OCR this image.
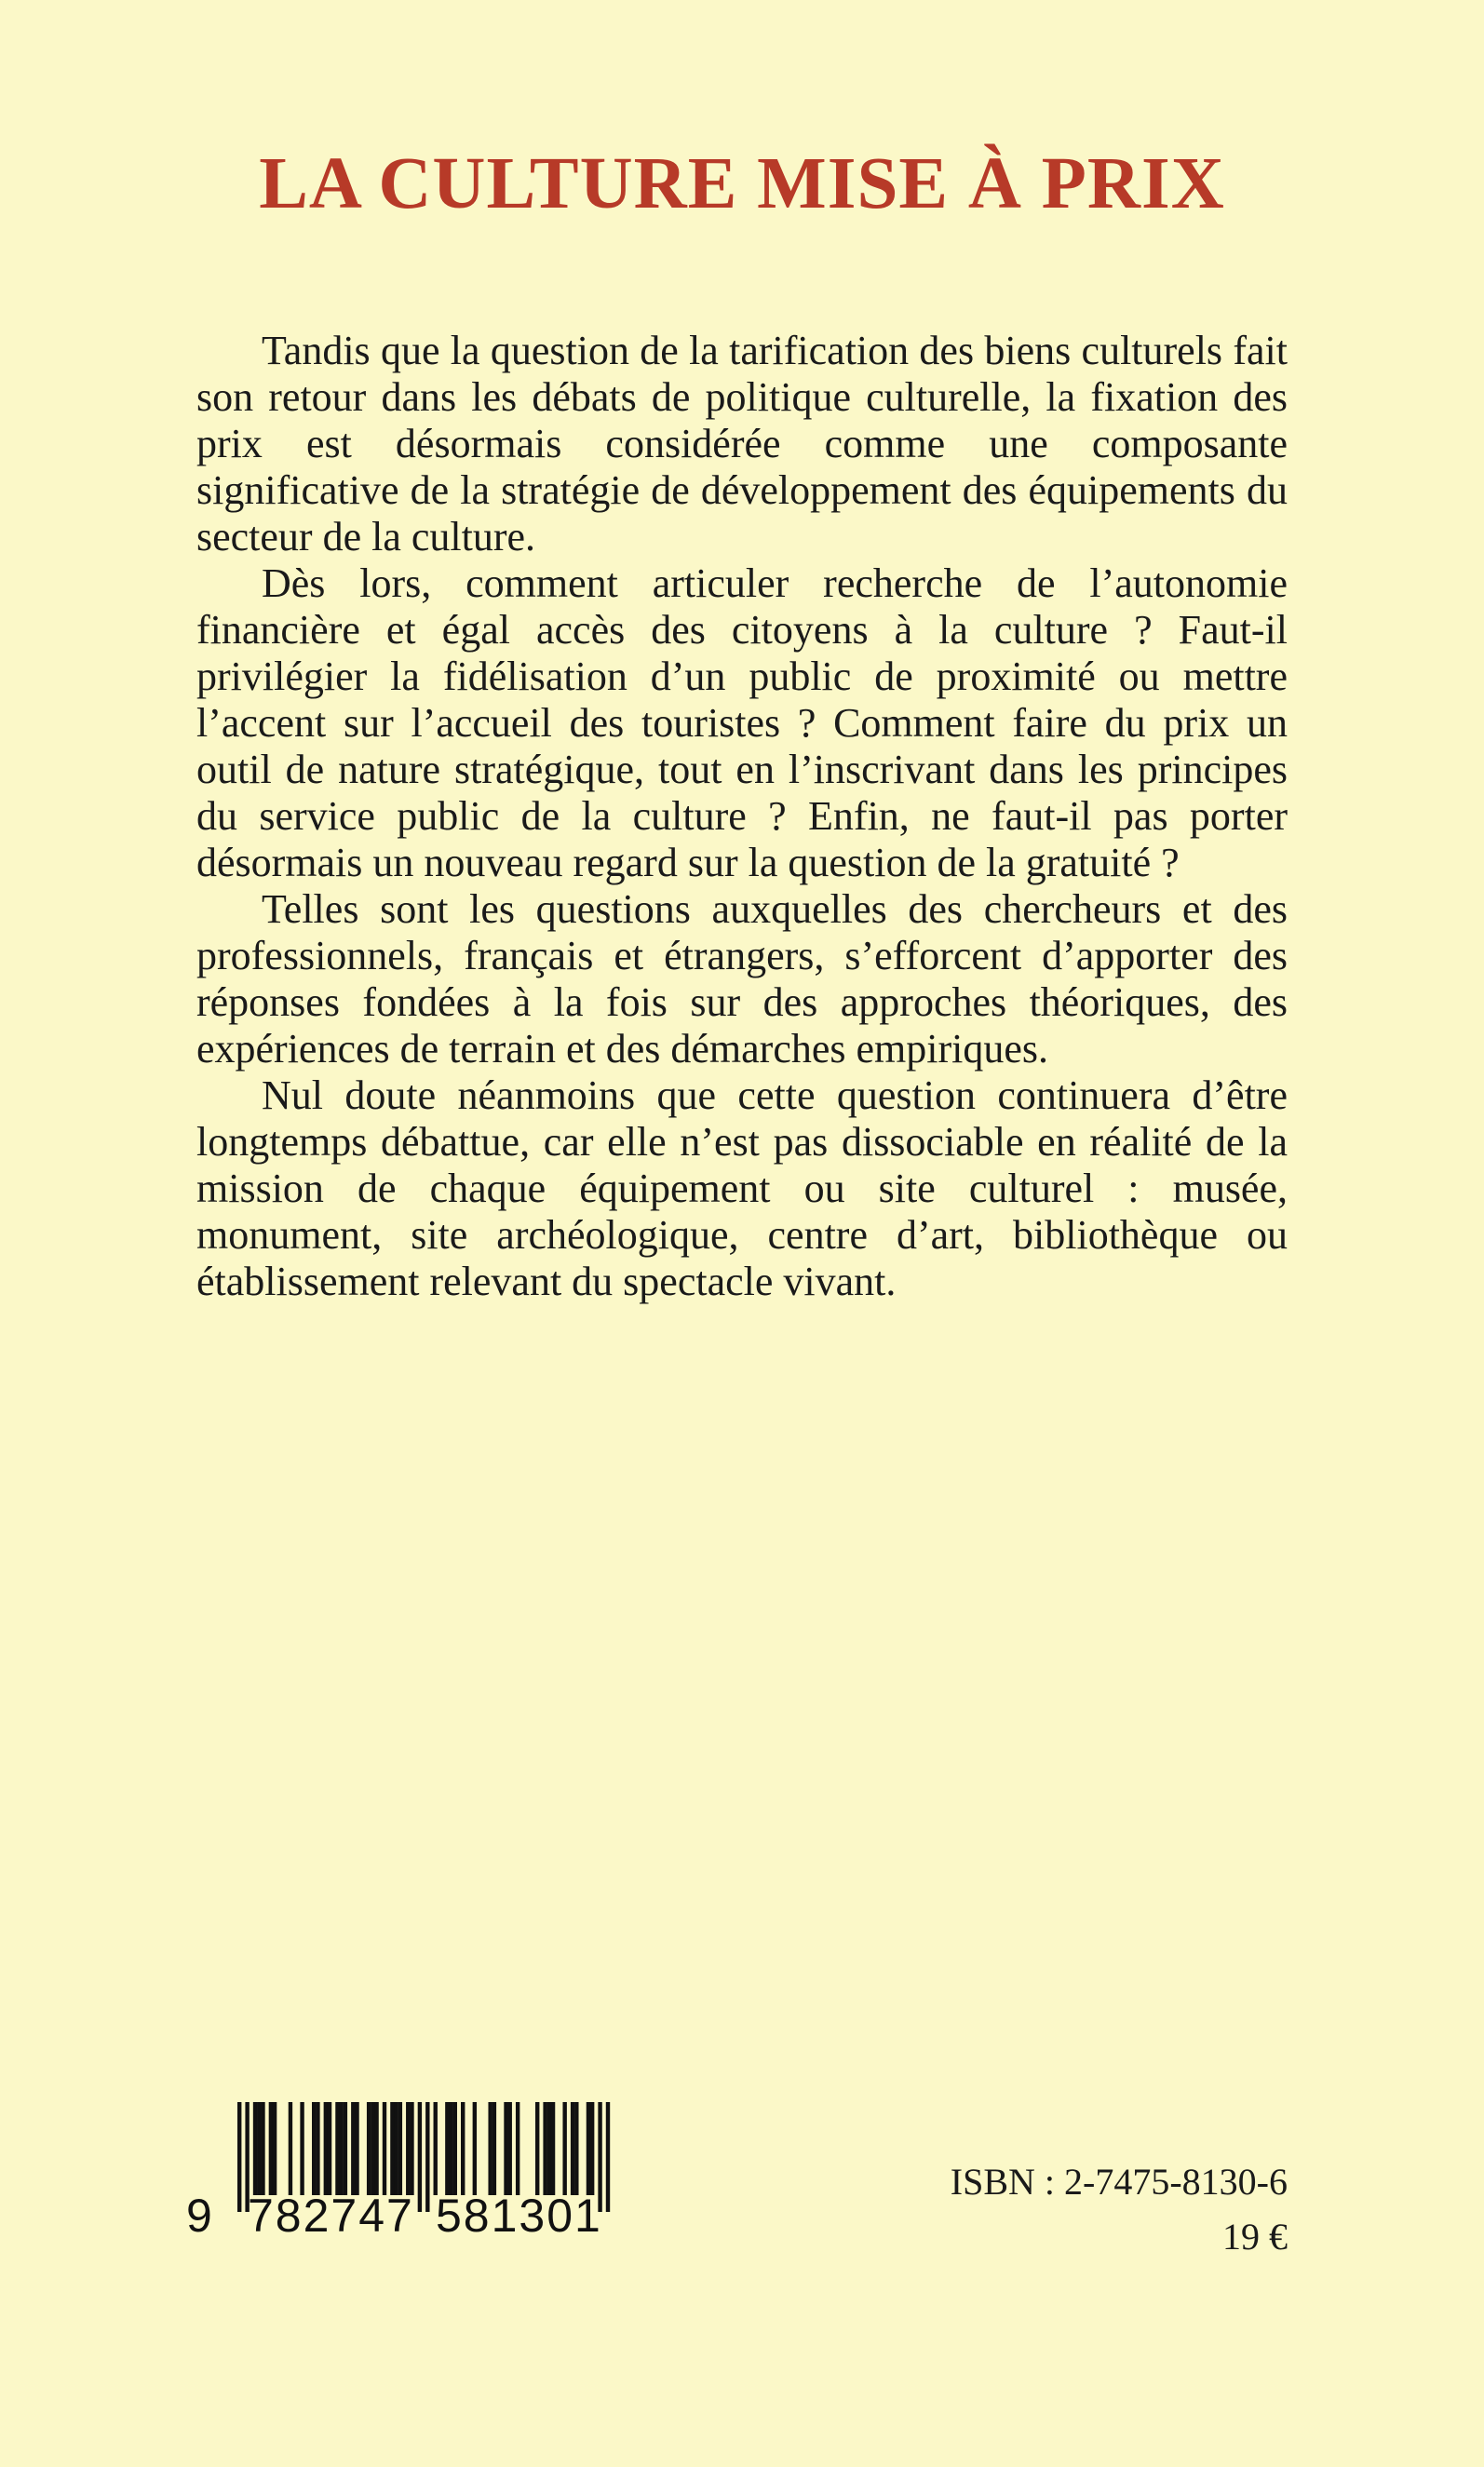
LA CULTURE MISE À PRIX

Tandis que la question de la tarification des biens culturels fait son retour dans les débats de politique culturelle, la fixation des prix est désormais considérée comme une composante significative de la stratégie de développement des équipements du secteur de la culture.

Dès lors, comment articuler recherche de l’autonomie financière et égal accès des citoyens à la culture ? Faut-il privilégier la fidélisation d’un public de proximité ou mettre l’accent sur l’accueil des touristes ? Comment faire du prix un outil de nature stratégique, tout en l’inscrivant dans les principes du service public de la culture ? Enfin, ne faut-il pas porter désormais un nouveau regard sur la question de la gratuité ?

Telles sont les questions auxquelles des chercheurs et des professionnels, français et étrangers, s’efforcent d’apporter des réponses fondées à la fois sur des approches théoriques, des expériences de terrain et des démarches empiriques.

Nul doute néanmoins que cette question continuera d’être longtemps débattue, car elle n’est pas dissociable en réalité de la mission de chaque équipement ou site culturel : musée, monument, site archéologique, centre d’art, bibliothèque ou établissement relevant du spectacle vivant.

9

782747

581301

ISBN : 2-7475-8130-6
19 €
